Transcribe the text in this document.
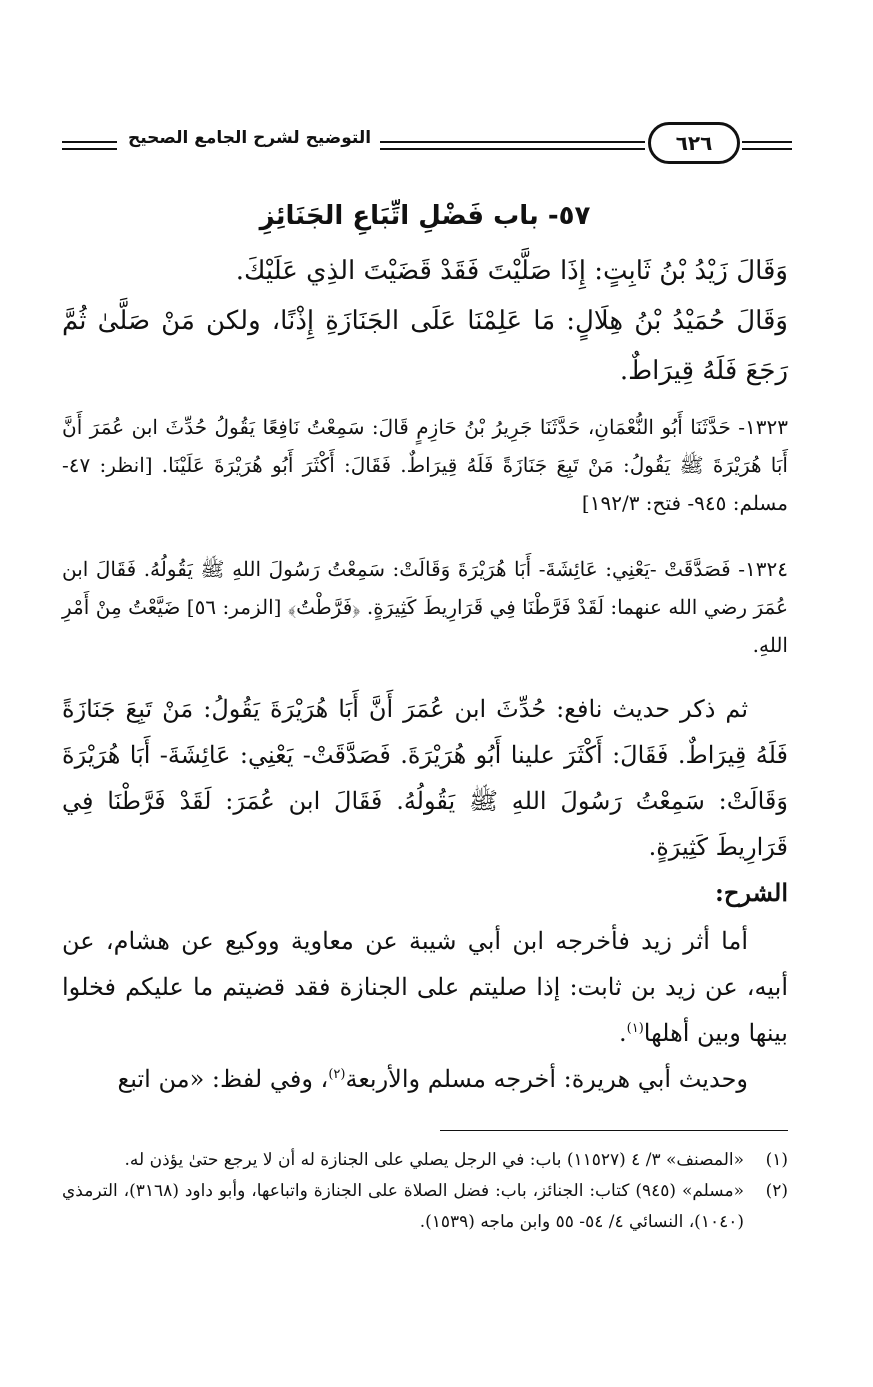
التوضيح لشرح الجامع الصحيح	٦٢٦
٥٧- باب فَضْلِ اتِّبَاعِ الجَنَائِزِ
وَقَالَ زَيْدُ بْنُ ثَابِتٍ: إِذَا صَلَّيْتَ فَقَدْ قَضَيْتَ الذِي عَلَيْكَ.
وَقَالَ حُمَيْدُ بْنُ هِلَالٍ: مَا عَلِمْنَا عَلَى الجَنَازَةِ إِذْنًا، ولكن مَنْ صَلَّىٰ ثُمَّ رَجَعَ فَلَهُ قِيرَاطٌ.
١٣٢٣- حَدَّثَنَا أَبُو النُّعْمَانِ، حَدَّثَنَا جَرِيرُ بْنُ حَازِمٍ قَالَ: سَمِعْتُ نَافِعًا يَقُولُ حُدِّثَ ابن عُمَرَ أَنَّ أَبَا هُرَيْرَةَ ﷺ يَقُولُ: مَنْ تَبِعَ جَنَازَةً فَلَهُ قِيرَاطٌ. فَقَالَ: أَكْثَرَ أَبُو هُرَيْرَةَ عَلَيْنَا. [انظر: ٤٧- مسلم: ٩٤٥- فتح: ١٩٢/٣]
١٣٢٤- فَصَدَّقَتْ -يَعْنِي: عَائِشَةَ- أَبَا هُرَيْرَةَ وَقَالَتْ: سَمِعْتُ رَسُولَ اللهِ ﷺ يَقُولُهُ. فَقَالَ ابن عُمَرَ رضي الله عنهما: لَقَدْ فَرَّطْنَا فِي قَرَارِيطَ كَثِيرَةٍ. ﴿فَرَّطْتُ﴾ [الزمر: ٥٦] ضَيَّعْتُ مِنْ أَمْرِ اللهِ.
ثم ذكر حديث نافع: حُدِّثَ ابن عُمَرَ أَنَّ أَبَا هُرَيْرَةَ يَقُولُ: مَنْ تَبِعَ جَنَازَةً فَلَهُ قِيرَاطٌ. فَقَالَ: أَكْثَرَ علينا أَبُو هُرَيْرَةَ. فَصَدَّقَتْ- يَعْنِي: عَائِشَةَ- أَبَا هُرَيْرَةَ وَقَالَتْ: سَمِعْتُ رَسُولَ اللهِ ﷺ يَقُولُهُ. فَقَالَ ابن عُمَرَ: لَقَدْ فَرَّطْنَا فِي قَرَارِيطَ كَثِيرَةٍ.
الشرح:
أما أثر زيد فأخرجه ابن أبي شيبة عن معاوية ووكيع عن هشام، عن أبيه، عن زيد بن ثابت: إذا صليتم على الجنازة فقد قضيتم ما عليكم فخلوا بينها وبين أهلها$^{(١)}$.
وحديث أبي هريرة: أخرجه مسلم والأربعة$^{(٢)}$، وفي لفظ: «من اتبع
(١)
«المصنف» ٣/ ٤ (١١٥٢٧) باب: في الرجل يصلي على الجنازة له أن لا يرجع حتىٰ يؤذن له.
(٢)
«مسلم» (٩٤٥) كتاب: الجنائز، باب: فضل الصلاة على الجنازة واتباعها، وأبو داود (٣١٦٨)، الترمذي (١٠٤٠)، النسائي ٤/ ٥٤- ٥٥ وابن ماجه (١٥٣٩).
